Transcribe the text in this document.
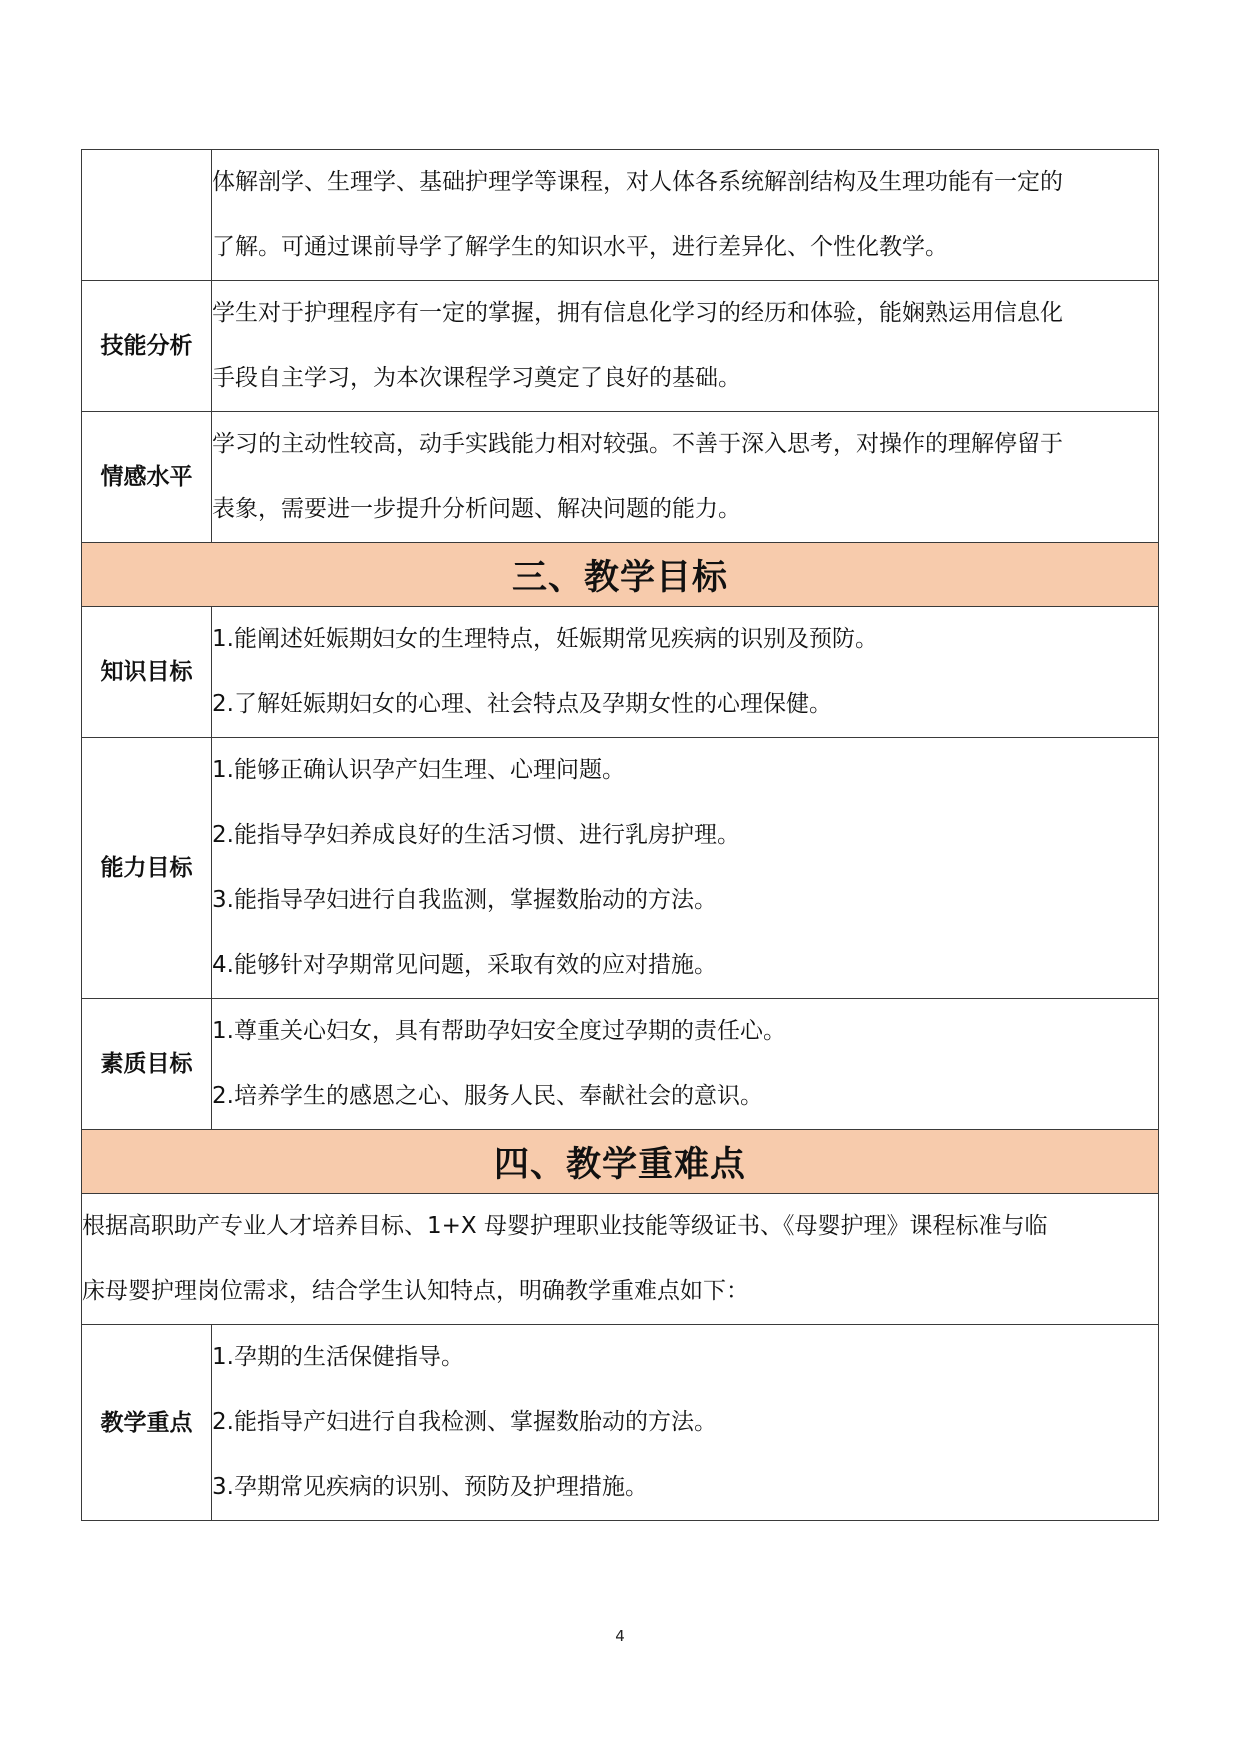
	体解剖学、生理学、基础护理学等课程，对人体各系统解剖结构及生理功能有一定的
了解。可通过课前导学了解学生的知识水平，进行差异化、个性化教学。

技能分析	学生对于护理程序有一定的掌握，拥有信息化学习的经历和体验，能娴熟运用信息化
手段自主学习，为本次课程学习奠定了良好的基础。

情感水平	学习的主动性较高，动手实践能力相对较强。不善于深入思考，对操作的理解停留于
表象，需要进一步提升分析问题、解决问题的能力。

三、教学目标	
知识目标	1.能阐述妊娠期妇女的生理特点，妊娠期常见疾病的识别及预防。
2.了解妊娠期妇女的心理、社会特点及孕期女性的心理保健。

能力目标	1.能够正确认识孕产妇生理、心理问题。
2.能指导孕妇养成良好的生活习惯、进行乳房护理。
3.能指导孕妇进行自我监测，掌握数胎动的方法。
4.能够针对孕期常见问题，采取有效的应对措施。

素质目标	1.尊重关心妇女，具有帮助孕妇安全度过孕期的责任心。
2.培养学生的感恩之心、服务人民、奉献社会的意识。

四、教学重难点	

根据高职助产专业人才培养目标、1+X 母婴护理职业技能等级证书、《母婴护理》课程标准与临
床母婴护理岗位需求，结合学生认知特点，明确教学重难点如下：	

教学重点	1.孕期的生活保健指导。
2.能指导产妇进行自我检测、掌握数胎动的方法。
3.孕期常见疾病的识别、预防及护理措施。
4
